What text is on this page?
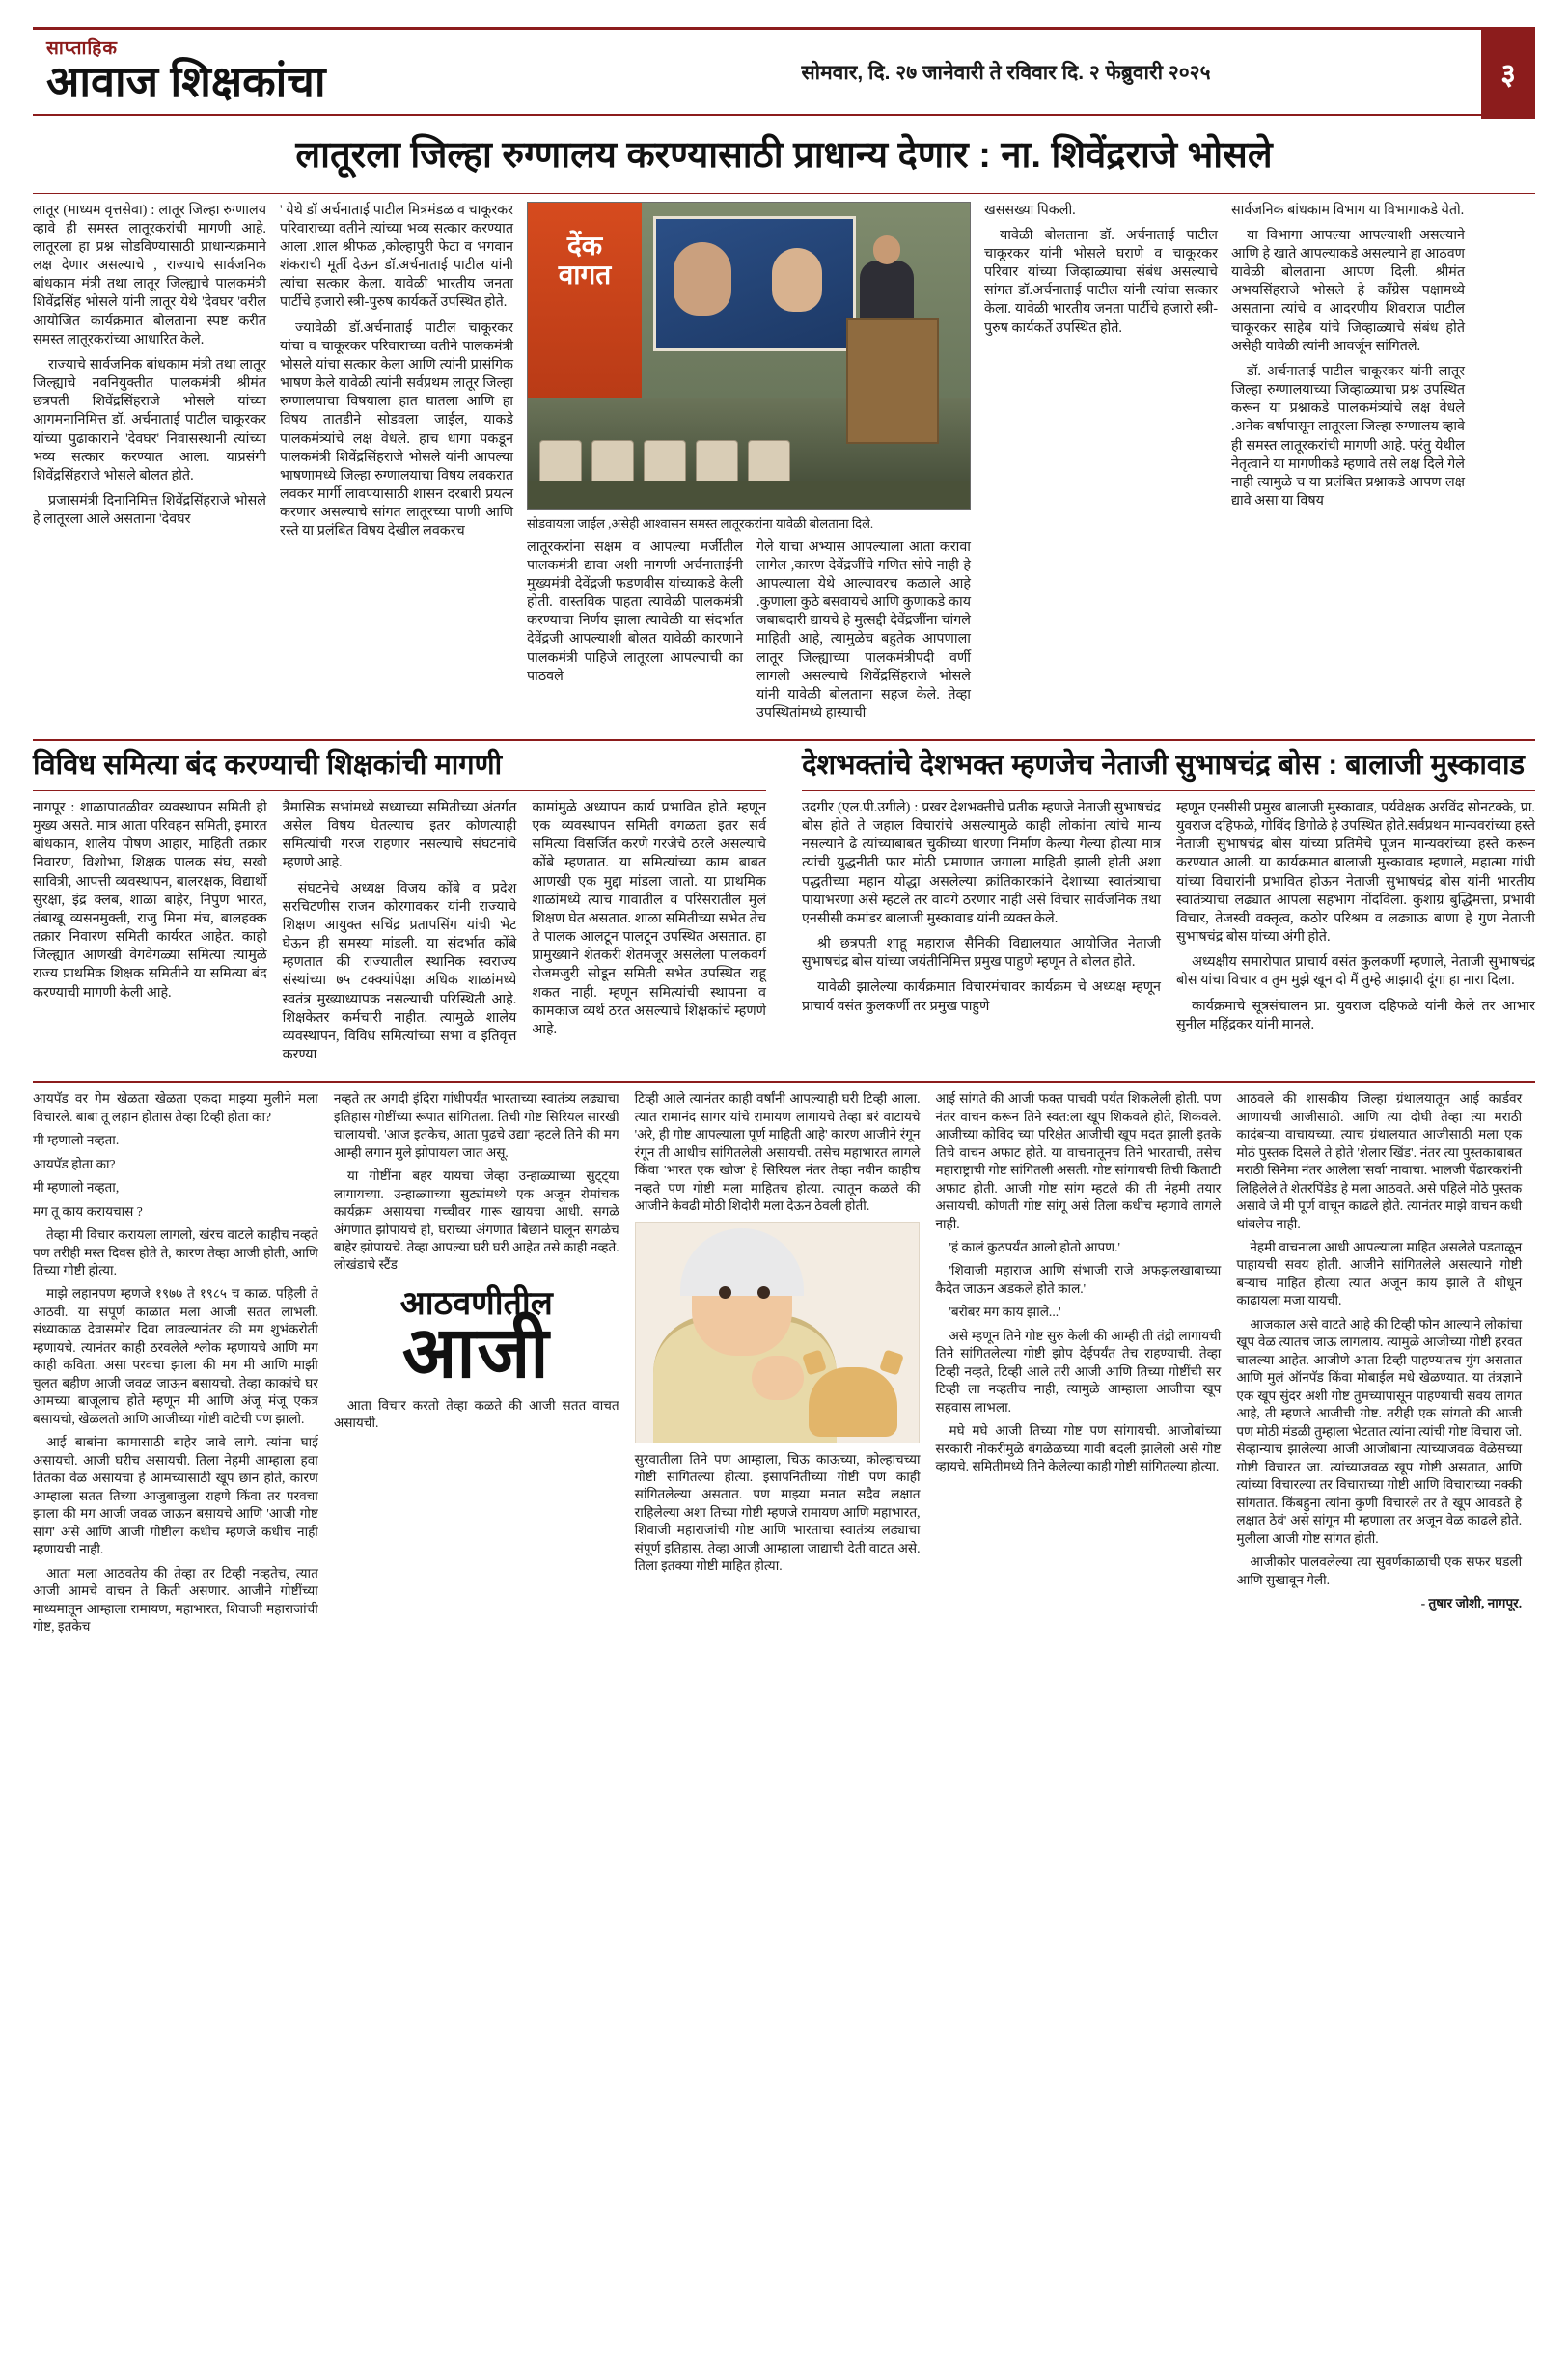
साप्ताहिक
आवाज शिक्षकांचा	सोमवार, दि. २७ जानेवारी ते रविवार दि. २ फेब्रुवारी २०२५	३
लातूरला जिल्हा रुग्णालय करण्यासाठी प्राधान्य देणार : ना. शिवेंद्रराजे भोसले

लातूर (माध्यम वृत्तसेवा) : लातूर जिल्हा रुग्णालय व्हावे ही समस्त लातूरकरांची मागणी आहे. लातूरला हा प्रश्न सोडविण्यासाठी प्राधान्यक्रमाने लक्ष देणार असल्याचे , राज्याचे सार्वजनिक बांधकाम मंत्री तथा लातूर जिल्ह्याचे पालकमंत्री शिवेंद्रसिंह भोसले यांनी लातूर येथे 'देवघर 'वरील आयोजित कार्यक्रमात बोलताना स्पष्ट करीत समस्त लातूरकरांच्या आधारित केले.

राज्याचे सार्वजनिक बांधकाम मंत्री तथा लातूर जिल्ह्याचे नवनियुक्तीत पालकमंत्री श्रीमंत छत्रपती शिवेंद्रसिंहराजे भोसले यांच्या आगमनानिमित्त डॉ. अर्चनाताई पाटील चाकूरकर यांच्या पुढाकाराने 'देवघर' निवासस्थानी त्यांच्या भव्य सत्कार करण्यात आला. याप्रसंगी शिवेंद्रसिंहराजे भोसले बोलत होते.

प्रजासमंत्री दिनानिमित्त शिवेंद्रसिंहराजे भोसले हे लातूरला आले असताना 'देवघर

' येथे डॉ अर्चनाताई पाटील मित्रमंडळ व चाकूरकर परिवाराच्या वतीने त्यांच्या भव्य सत्कार करण्यात आला .शाल श्रीफळ ,कोल्हापुरी फेटा व भगवान शंकराची मूर्ती देऊन डॉ.अर्चनाताई पाटील यांनी त्यांचा सत्कार केला. यावेळी भारतीय जनता पार्टीचे हजारो स्त्री-पुरुष कार्यकर्ते उपस्थित होते.

ज्यावेळी डॉ.अर्चनाताई पाटील चाकूरकर यांचा व चाकूरकर परिवाराच्या वतीने पालकमंत्री भोसले यांचा सत्कार केला आणि त्यांनी प्रासंगिक भाषण केले यावेळी त्यांनी सर्वप्रथम लातूर जिल्हा रुग्णालयाचा विषयाला हात घातला आणि हा विषय तातडीने सोडवला जाईल, याकडे पालकमंत्र्यांचे लक्ष वेधले. हाच धागा पकडून पालकमंत्री शिवेंद्रसिंहराजे भोसले यांनी आपल्या भाषणामध्ये जिल्हा रुग्णालयाचा विषय लवकरात लवकर मार्गी लावण्यासाठी शासन दरबारी प्रयत्न करणार असल्याचे सांगत लातूरच्या पाणी आणि रस्ते या प्रलंबित विषय देखील लवकरच

देंक
वागत
सोडवायला जाईल ,असेही आश्वासन समस्त लातूरकरांना यावेळी बोलताना दिले.

लातूरकरांना सक्षम व आपल्या मर्जीतील पालकमंत्री द्यावा अशी मागणी अर्चनाताईंनी मुख्यमंत्री देवेंद्रजी फडणवीस यांच्याकडे केली होती. वास्तविक पाहता त्यावेळी पालकमंत्री करण्याचा निर्णय झाला त्यावेळी या संदर्भात देवेंद्रजी आपल्याशी बोलत यावेळी कारणाने पालकमंत्री पाहिजे लातूरला आपल्याची का पाठवले

गेले याचा अभ्यास आपल्याला आता करावा लागेल ,कारण देवेंद्रजींचे गणित सोपे नाही हे आपल्याला येथे आल्यावरच कळाले आहे .कुणाला कुठे बसवायचे आणि कुणाकडे काय जबाबदारी द्यायचे हे मुत्सद्दी देवेंद्रजींना चांगले माहिती आहे, त्यामुळेच बहुतेक आपणाला लातूर जिल्ह्याच्या पालकमंत्रीपदी वर्णी लागली असल्याचे शिवेंद्रसिंहराजे भोसले यांनी यावेळी बोलताना सहज केले. तेव्हा उपस्थितांमध्ये हास्याची

खससख्या पिकली.

यावेळी बोलताना डॉ. अर्चनाताई पाटील चाकूरकर यांनी भोसले घराणे व चाकूरकर परिवार यांच्या जिव्हाळ्याचा संबंध असल्याचे सांगत डॉ.अर्चनाताई पाटील यांनी त्यांचा सत्कार केला. यावेळी भारतीय जनता पार्टीचे हजारो स्त्री- पुरुष कार्यकर्ते उपस्थित होते.

सार्वजनिक बांधकाम विभाग या विभागाकडे येतो.

या विभागा आपल्या आपल्याशी असल्याने आणि हे खाते आपल्याकडे असल्याने हा आठवण यावेळी बोलताना आपण दिली. श्रीमंत अभयसिंहराजे भोसले हे कॉंग्रेस पक्षामध्ये असताना त्यांचे व आदरणीय शिवराज पाटील चाकूरकर साहेब यांचे जिव्हाळ्याचे संबंध होते असेही यावेळी त्यांनी आवर्जून सांगितले.

डॉ. अर्चनाताई पाटील चाकूरकर यांनी लातूर जिल्हा रुग्णालयाच्या जिव्हाळ्याचा प्रश्न उपस्थित करून या प्रश्नाकडे पालकमंत्र्यांचे लक्ष वेधले .अनेक वर्षापासून लातूरला जिल्हा रुग्णालय व्हावे ही समस्त लातूरकरांची मागणी आहे. परंतु येथील नेतृत्वाने या मागणीकडे म्हणावे तसे लक्ष दिले गेले नाही त्यामुळे च या प्रलंबित प्रश्नाकडे आपण लक्ष द्यावे असा या विषय

विविध समित्या बंद करण्याची शिक्षकांची मागणी

नागपूर : शाळापातळीवर व्यवस्थापन समिती ही मुख्य असते. मात्र आता परिवहन समिती, इमारत बांधकाम, शालेय पोषण आहार, माहिती तक्रार निवारण, विशोभा, शिक्षक पालक संघ, सखी सावित्री, आपत्ती व्यवस्थापन, बालरक्षक, विद्यार्थी सुरक्षा, इंद्र क्लब, शाळा बाहेर, निपुण भारत, तंबाखू व्यसनमुक्ती, राजु मिना मंच, बालहक्क तक्रार निवारण समिती कार्यरत आहेत. काही जिल्ह्यात आणखी वेगवेगळ्या समित्या त्यामुळे राज्य प्राथमिक शिक्षक समितीने या समित्या बंद करण्याची मागणी केली आहे.

त्रैमासिक सभांमध्ये सध्याच्या समितीच्या अंतर्गत असेल विषय घेतल्याच इतर कोणत्याही समित्यांची गरज राहणार नसल्याचे संघटनांचे म्हणणे आहे.

संघटनेचे अध्यक्ष विजय कोंबे व प्रदेश सरचिटणीस राजन कोरगावकर यांनी राज्याचे शिक्षण आयुक्त सचिंद्र प्रतापसिंग यांची भेट घेऊन ही समस्या मांडली. या संदर्भात कोंबे म्हणतात की राज्यातील स्थानिक स्वराज्य संस्थांच्या ७५ टक्क्यांपेक्षा अधिक शाळांमध्ये स्वतंत्र मुख्याध्यापक नसल्याची परिस्थिती आहे. शिक्षकेतर कर्मचारी नाहीत. त्यामुळे शालेय व्यवस्थापन, विविध समित्यांच्या सभा व इतिवृत्त करण्या

कामांमुळे अध्यापन कार्य प्रभावित होते. म्हणून एक व्यवस्थापन समिती वगळता इतर सर्व समित्या विसर्जित करणे गरजेचे ठरले असल्याचे कोंबे म्हणतात. या समित्यांच्या काम बाबत आणखी एक मुद्दा मांडला जातो. या प्राथमिक शाळांमध्ये त्याच गावातील व परिसरातील मुलं शिक्षण घेत असतात. शाळा समितीच्या सभेत तेच ते पालक आलटून पालटून उपस्थित असतात. हा प्रामुख्याने शेतकरी शेतमजूर असलेला पालकवर्ग रोजमजुरी सोडून समिती सभेत उपस्थित राहू शकत नाही. म्हणून समित्यांची स्थापना व कामकाज व्यर्थ ठरत असल्याचे शिक्षकांचे म्हणणे आहे.

देशभक्तांचे देशभक्त म्हणजेच नेताजी सुभाषचंद्र बोस : बालाजी मुस्कावाड

उदगीर (एल.पी.उगीले) : प्रखर देशभक्तीचे प्रतीक म्हणजे नेताजी सुभाषचंद्र बोस होते ते जहाल विचारांचे असल्यामुळे काही लोकांना त्यांचे मान्य नसल्याने ढे त्यांच्याबाबत चुकीच्या धारणा निर्माण केल्या गेल्या होत्या मात्र त्यांची युद्धनीती फार मोठी प्रमाणात जगाला माहिती झाली होती अशा पद्धतीच्या महान योद्धा असलेल्या क्रांतिकारकांने देशाच्या स्वातंत्र्याचा पायाभरणा असे म्हटले तर वावगे ठरणार नाही असे विचार सार्वजनिक तथा एनसीसी कमांडर बालाजी मुस्कावाड यांनी व्यक्त केले.

श्री छत्रपती शाहू महाराज सैनिकी विद्यालयात आयोजित नेताजी सुभाषचंद्र बोस यांच्या जयंतीनिमित्त प्रमुख पाहुणे म्हणून ते बोलत होते.

यावेळी झालेल्या कार्यक्रमात विचारमंचावर कार्यक्रम चे अध्यक्ष म्हणून प्राचार्य वसंत कुलकर्णी तर प्रमुख पाहुणे

म्हणून एनसीसी प्रमुख बालाजी मुस्कावाड, पर्यवेक्षक अरविंद सोनटक्के, प्रा. युवराज दहिफळे, गोविंद डिगोळे हे उपस्थित होते.सर्वप्रथम मान्यवरांच्या हस्ते नेताजी सुभाषचंद्र बोस यांच्या प्रतिमेचे पूजन मान्यवरांच्या हस्ते करून करण्यात आली. या कार्यक्रमात बालाजी मुस्कावाड म्हणाले, महात्मा गांधी यांच्या विचारांनी प्रभावित होऊन नेताजी सुभाषचंद्र बोस यांनी भारतीय स्वातंत्र्याचा लढ्यात आपला सहभाग नोंदविला. कुशाग्र बुद्धिमत्ता, प्रभावी विचार, तेजस्वी वक्तृत्व, कठोर परिश्रम व लढ्याऊ बाणा हे गुण नेताजी सुभाषचंद्र बोस यांच्या अंगी होते.

अध्यक्षीय समारोपात प्राचार्य वसंत कुलकर्णी म्हणाले, नेताजी सुभाषचंद्र बोस यांचा विचार व तुम मुझे खून दो मैं तुम्हे आझादी दूंगा हा नारा दिला.

कार्यक्रमाचे सूत्रसंचालन प्रा. युवराज दहिफळे यांनी केले तर आभार सुनील महिंद्रकर यांनी मानले.

आयपॅड वर गेम खेळता खेळता एकदा माझ्या मुलीने मला विचारले. बाबा तू लहान होतास तेव्हा टिव्ही होता का?

मी म्हणालो नव्हता.

आयपॅड होता का?

मी म्हणालो नव्हता,

मग तू काय करायचास ?

तेव्हा मी विचार करायला लागलो, खंरच वाटले काहीच नव्हते पण तरीही मस्त दिवस होते ते, कारण तेव्हा आजी होती, आणि तिच्या गोष्टी होत्या.

माझे लहानपण म्हणजे १९७७ ते १९८५ च काळ. पहिली ते आठवी. या संपूर्ण काळात मला आजी सतत लाभली. संध्याकाळ देवासमोर दिवा लावल्यानंतर की मग शुभंकरोती म्हणायचे. त्यानंतर काही ठरवलेले श्लोक म्हणायचे आणि मग काही कविता. असा परवचा झाला की मग मी आणि माझी चुलत बहीण आजी जवळ जाऊन बसायचो. तेव्हा काकांचे घर आमच्या बाजूलाच होते म्हणून मी आणि अंजू मंजू एकत्र बसायचो, खेळलतो आणि आजीच्या गोष्टी वाटेची पण झालो.

आई बाबांना कामासाठी बाहेर जावे लागे. त्यांना घाई असायची. आजी घरीच असायची. तिला नेहमी आम्हाला हवा तितका वेळ असायचा हे आमच्यासाठी खूप छान होते, कारण आम्हाला सतत तिच्या आजुबाजुला राहणे किंवा तर परवचा झाला की मग आजी जवळ जाऊन बसायचे आणि 'आजी गोष्ट सांग' असे आणि आजी गोष्टीला कधीच म्हणजे कधीच नाही म्हणायची नाही.

आता मला आठवतेय की तेव्हा तर टिव्ही नव्हतेच, त्यात आजी आमचे वाचन ते किती असणार. आजीने गोष्टींच्या माध्यमातून आम्हाला रामायण, महाभारत, शिवाजी महाराजांची गोष्ट, इतकेच

नव्हते तर अगदी इंदिरा गांधीपर्यंत भारताच्या स्वातंत्र्य लढ्याचा इतिहास गोष्टींच्या रूपात सांगितला. तिची गोष्ट सिरियल सारखी चालायची. 'आज इतकेच, आता पुढचे उद्या' म्हटले तिने की मग आम्ही लगान मुले झोपायला जात असू.

या गोष्टींना बहर यायचा जेव्हा उन्हाळ्याच्या सुट्ट्या लागायच्या. उन्हाळ्याच्या सुट्यांमध्ये एक अजून रोमांचक कार्यक्रम असायचा गच्चीवर गारू खायचा आधी. सगळे अंगणात झोपायचे हो, घराच्या अंगणात बिछाने घालून सगळेच बाहेर झोपायचे. तेव्हा आपल्या घरी घरी आहेत तसे काही नव्हते. लोखंडाचे स्टैंड

आठवणीतील
आजी

आता विचार करतो तेव्हा कळते की आजी सतत वाचत असायची.

टिव्ही आले त्यानंतर काही वर्षांनी आपल्याही घरी टिव्ही आला. त्यात रामानंद सागर यांचे रामायण लागायचे तेव्हा बरं वाटायचे 'अरे, ही गोष्ट आपल्याला पूर्ण माहिती आहे' कारण आजीने रंगून रंगून ती आधीच सांगितलेली असायची. तसेच महाभारत लागले किंवा 'भारत एक खोज' हे सिरियल नंतर तेव्हा नवीन काहीच नव्हते पण गोष्टी मला माहितच होत्या. त्यातून कळले की आजीने केवढी मोठी शिदोरी मला देऊन ठेवली होती.

सुरवातीला तिने पण आम्हाला, चिऊ काऊच्या, कोल्हाचच्या गोष्टी सांगितल्या होत्या. इसापनितीच्या गोष्टी पण काही सांगितलेल्या असतात. पण माझ्या मनात सदैव लक्षात राहिलेल्या अशा तिच्या गोष्टी म्हणजे रामायण आणि महाभारत, शिवाजी महाराजांची गोष्ट आणि भारताचा स्वातंत्र्य लढ्याचा संपूर्ण इतिहास. तेव्हा आजी आम्हाला जाद्याची देती वाटत असे. तिला इतक्या गोष्टी माहित होत्या.

आई सांगते की आजी फक्त पाचवी पर्यंत शिकलेली होती. पण नंतर वाचन करून तिने स्वत:ला खूप शिकवले होते, शिकवले. आजीच्या कोविद च्या परिक्षेत आजीची खूप मदत झाली इतके तिचे वाचन अफाट होते. या वाचनातूनच तिने भारताची, तसेच महाराष्ट्राची गोष्ट सांगितली असती. गोष्ट सांगायची तिची किताटी अफाट होती. आजी गोष्ट सांग म्हटले की ती नेहमी तयार असायची. कोणती गोष्ट सांगू असे तिला कधीच म्हणावे लागले नाही.

'हं कालं कुठपर्यंत आलो होतो आपण.'

'शिवाजी महाराज आणि संभाजी राजे अफझलखाबाच्या कैदेत जाऊन अडकले होते काल.'

'बरोबर मग काय झाले...'

असे म्हणून तिने गोष्ट सुरु केली की आम्ही ती तंद्री लागायची तिने सांगितलेल्या गोष्टी झोप देईपर्यंत तेच राहण्याची. तेव्हा टिव्ही नव्हते, टिव्ही आले तरी आजी आणि तिच्या गोष्टींची सर टिव्ही ला नव्हतीच नाही, त्यामुळे आम्हाला आजीचा खूप सहवास लाभला.

मघे मघे आजी तिच्या गोष्ट पण सांगायची. आजोबांच्या सरकारी नोकरीमुळे बंगळेळच्या गावी बदली झालेली असे गोष्ट व्हायचे. समितीमध्ये तिने केलेल्या काही गोष्टी सांगितल्या होत्या.

आठवले की शासकीय जिल्हा ग्रंथालयातून आई कार्डवर आणायची आजीसाठी. आणि त्या दोघी तेव्हा त्या मराठी कादंबऱ्या वाचायच्या. त्याच ग्रंथालयात आजीसाठी मला एक मोठं पुस्तक दिसले ते होते 'शेलार खिंड'. नंतर त्या पुस्तकाबाबत मराठी सिनेमा नंतर आलेला 'सर्वा' नावाचा. भालजी पेंढारकरांनी लिहिलेले ते शेतरपिंडेड हे मला आठवते. असे पहिले मोठे पुस्तक असावे जे मी पूर्ण वाचून काढले होते. त्यानंतर माझे वाचन कधी थांबलेच नाही.

नेहमी वाचनाला आधी आपल्याला माहित असलेले पडताळून पाहायची सवय होती. आजीने सांगितलेले असल्याने गोष्टी बऱ्याच माहित होत्या त्यात अजून काय झाले ते शोधून काढायला मजा यायची.

आजकाल असे वाटते आहे की टिव्ही फोन आल्याने लोकांचा खूप वेळ त्यातच जाऊ लागलाय. त्यामुळे आजीच्या गोष्टी हरवत चालल्या आहेत. आजीणे आता टिव्ही पाहण्यातच गुंग असतात आणि मुलं ऑनपॅड किंवा मोबाईल मधे खेळण्यात. या तंत्रज्ञाने एक खूप सुंदर अशी गोष्ट तुमच्यापासून पाहण्याची सवय लागत आहे, ती म्हणजे आजीची गोष्ट. तरीही एक सांगतो की आजी पण मोठी मंडळी तुम्हाला भेटतात त्यांना त्यांची गोष्ट विचारा जो. सेव्हान्याच झालेल्या आजी आजोबांना त्यांच्याजवळ वेळेसच्या गोष्टी विचारत जा. त्यांच्याजवळ खूप गोष्टी असतात, आणि त्यांच्या विचारल्या तर विचाराच्या गोष्टी आणि विचाराच्या नक्की सांगतात. किंबहुना त्यांना कुणी विचारले तर ते खूप आवडते हे लक्षात ठेवं' असे सांगून मी म्हणाला तर अजून वेळ काढले होते. मुलीला आजी गोष्ट सांगत होती.

आजीकोर पालवलेल्या त्या सुवर्णकाळाची एक सफर घडली आणि सुखावून गेली.

- तुषार जोशी, नागपूर.
